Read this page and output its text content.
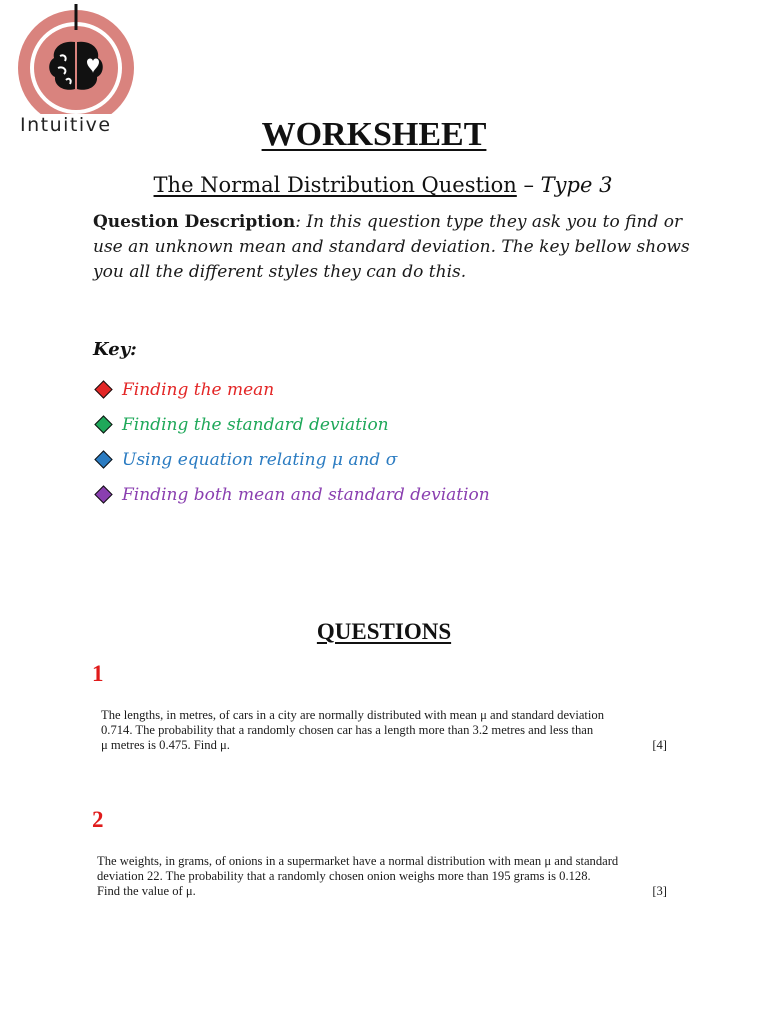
Intuitive	WORKSHEET
The Normal Distribution Question – Type 3
Question Description: In this question type they ask you to find or use an unknown mean and standard deviation. The key bellow shows you all the different styles they can do this.
Key:
Finding the mean
Finding the standard deviation
Using equation relating μ and σ
Finding both mean and standard deviation
QUESTIONS
1
The lengths, in metres, of cars in a city are normally distributed with mean μ and standard deviation
0.714. The probability that a randomly chosen car has a length more than 3.2 metres and less than
μ metres is 0.475. Find μ.	[4]
2
The weights, in grams, of onions in a supermarket have a normal distribution with mean μ and standard
deviation 22. The probability that a randomly chosen onion weighs more than 195 grams is 0.128.
Find the value of μ.	[3]
